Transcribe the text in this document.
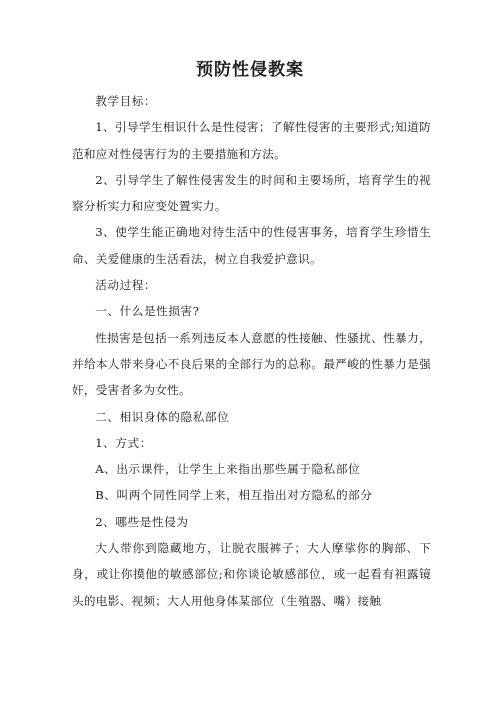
预防性侵教案

教学目标：

1、引导学生相识什么是性侵害；了解性侵害的主要形式;知道防范和应对性侵害行为的主要措施和方法。

2、引导学生了解性侵害发生的时间和主要场所，培育学生的视察分析实力和应变处置实力。

3、使学生能正确地对待生活中的性侵害事务，培育学生珍惜生命、关爱健康的生活看法，树立自我爱护意识。

活动过程：

一、什么是性损害?

性损害是包括一系列违反本人意愿的性接触、性骚扰、性暴力，并给本人带来身心不良后果的全部行为的总称。最严峻的性暴力是强奸，受害者多为女性。

二、相识身体的隐私部位

1、方式：

A、出示课件，让学生上来指出那些属于隐私部位

B、叫两个同性同学上来，相互指出对方隐私的部分

2、哪些是性侵为

大人带你到隐藏地方，让脱衣服裤子；大人摩挲你的胸部、下身，或让你摸他的敏感部位;和你谈论敏感部位，或一起看有袒露镜头的电影、视频；大人用他身体某部位（生殖器、嘴）接触
